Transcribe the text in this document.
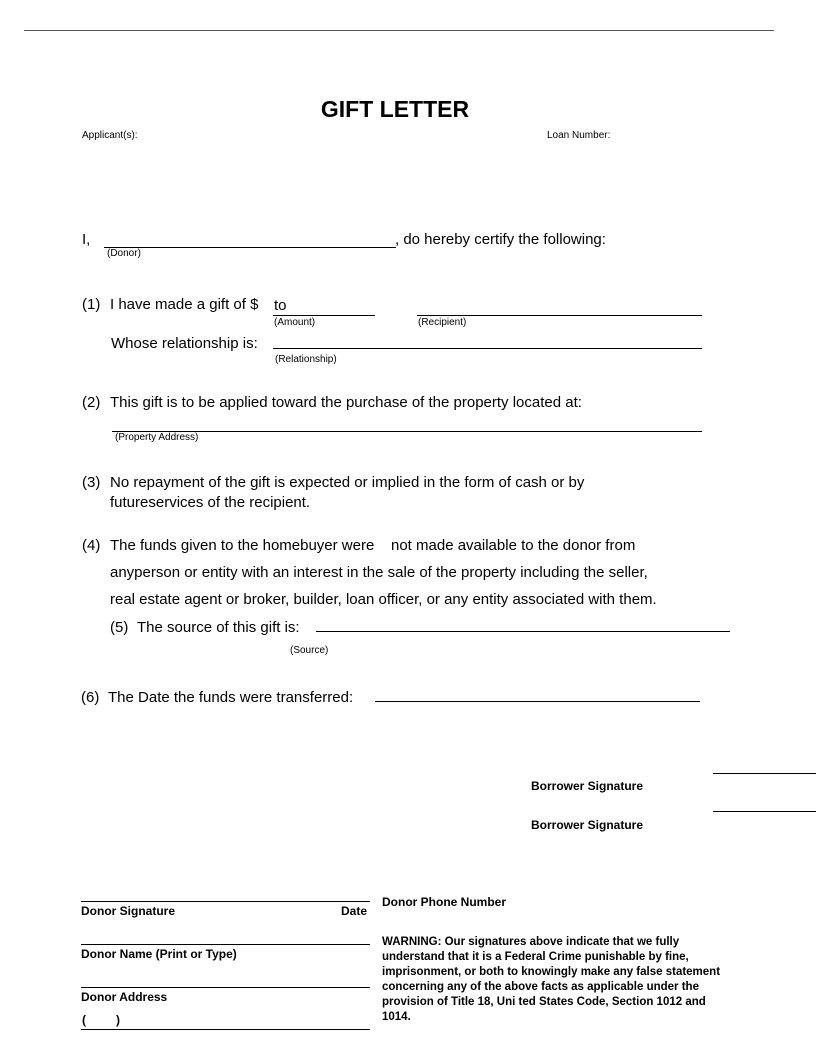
GIFT LETTER
Applicant(s):	Loan Number:
I,	, do hereby certify the following:
(Donor)
(1) I have made a gift of $ to
(Amount)	(Recipient)
Whose relationship is:
(Relationship)
(2) This gift is to be applied toward the purchase of the property located at:
(Property Address)
(3) No repayment of the gift is expected or implied in the form of cash or by
futureservices of the recipient.
(4) The funds given to the homebuyer were    not made available to the donor from
anyperson or entity with an interest in the sale of the property including the seller,
real estate agent or broker, builder, loan officer, or any entity associated with them.
(5) The source of this gift is:
(Source)
(6) The Date the funds were transferred:
Borrower Signature
Borrower Signature
Donor Signature	Date
Donor Phone Number
Donor Name (Print or Type)
Donor Address
(         )
WARNING: Our signatures above indicate that we fully understand that it is a Federal Crime punishable by fine, imprisonment, or both to knowingly make any false statement concerning any of the above facts as applicable under the provision of Title 18, Uni ted States Code, Section 1012 and 1014.
